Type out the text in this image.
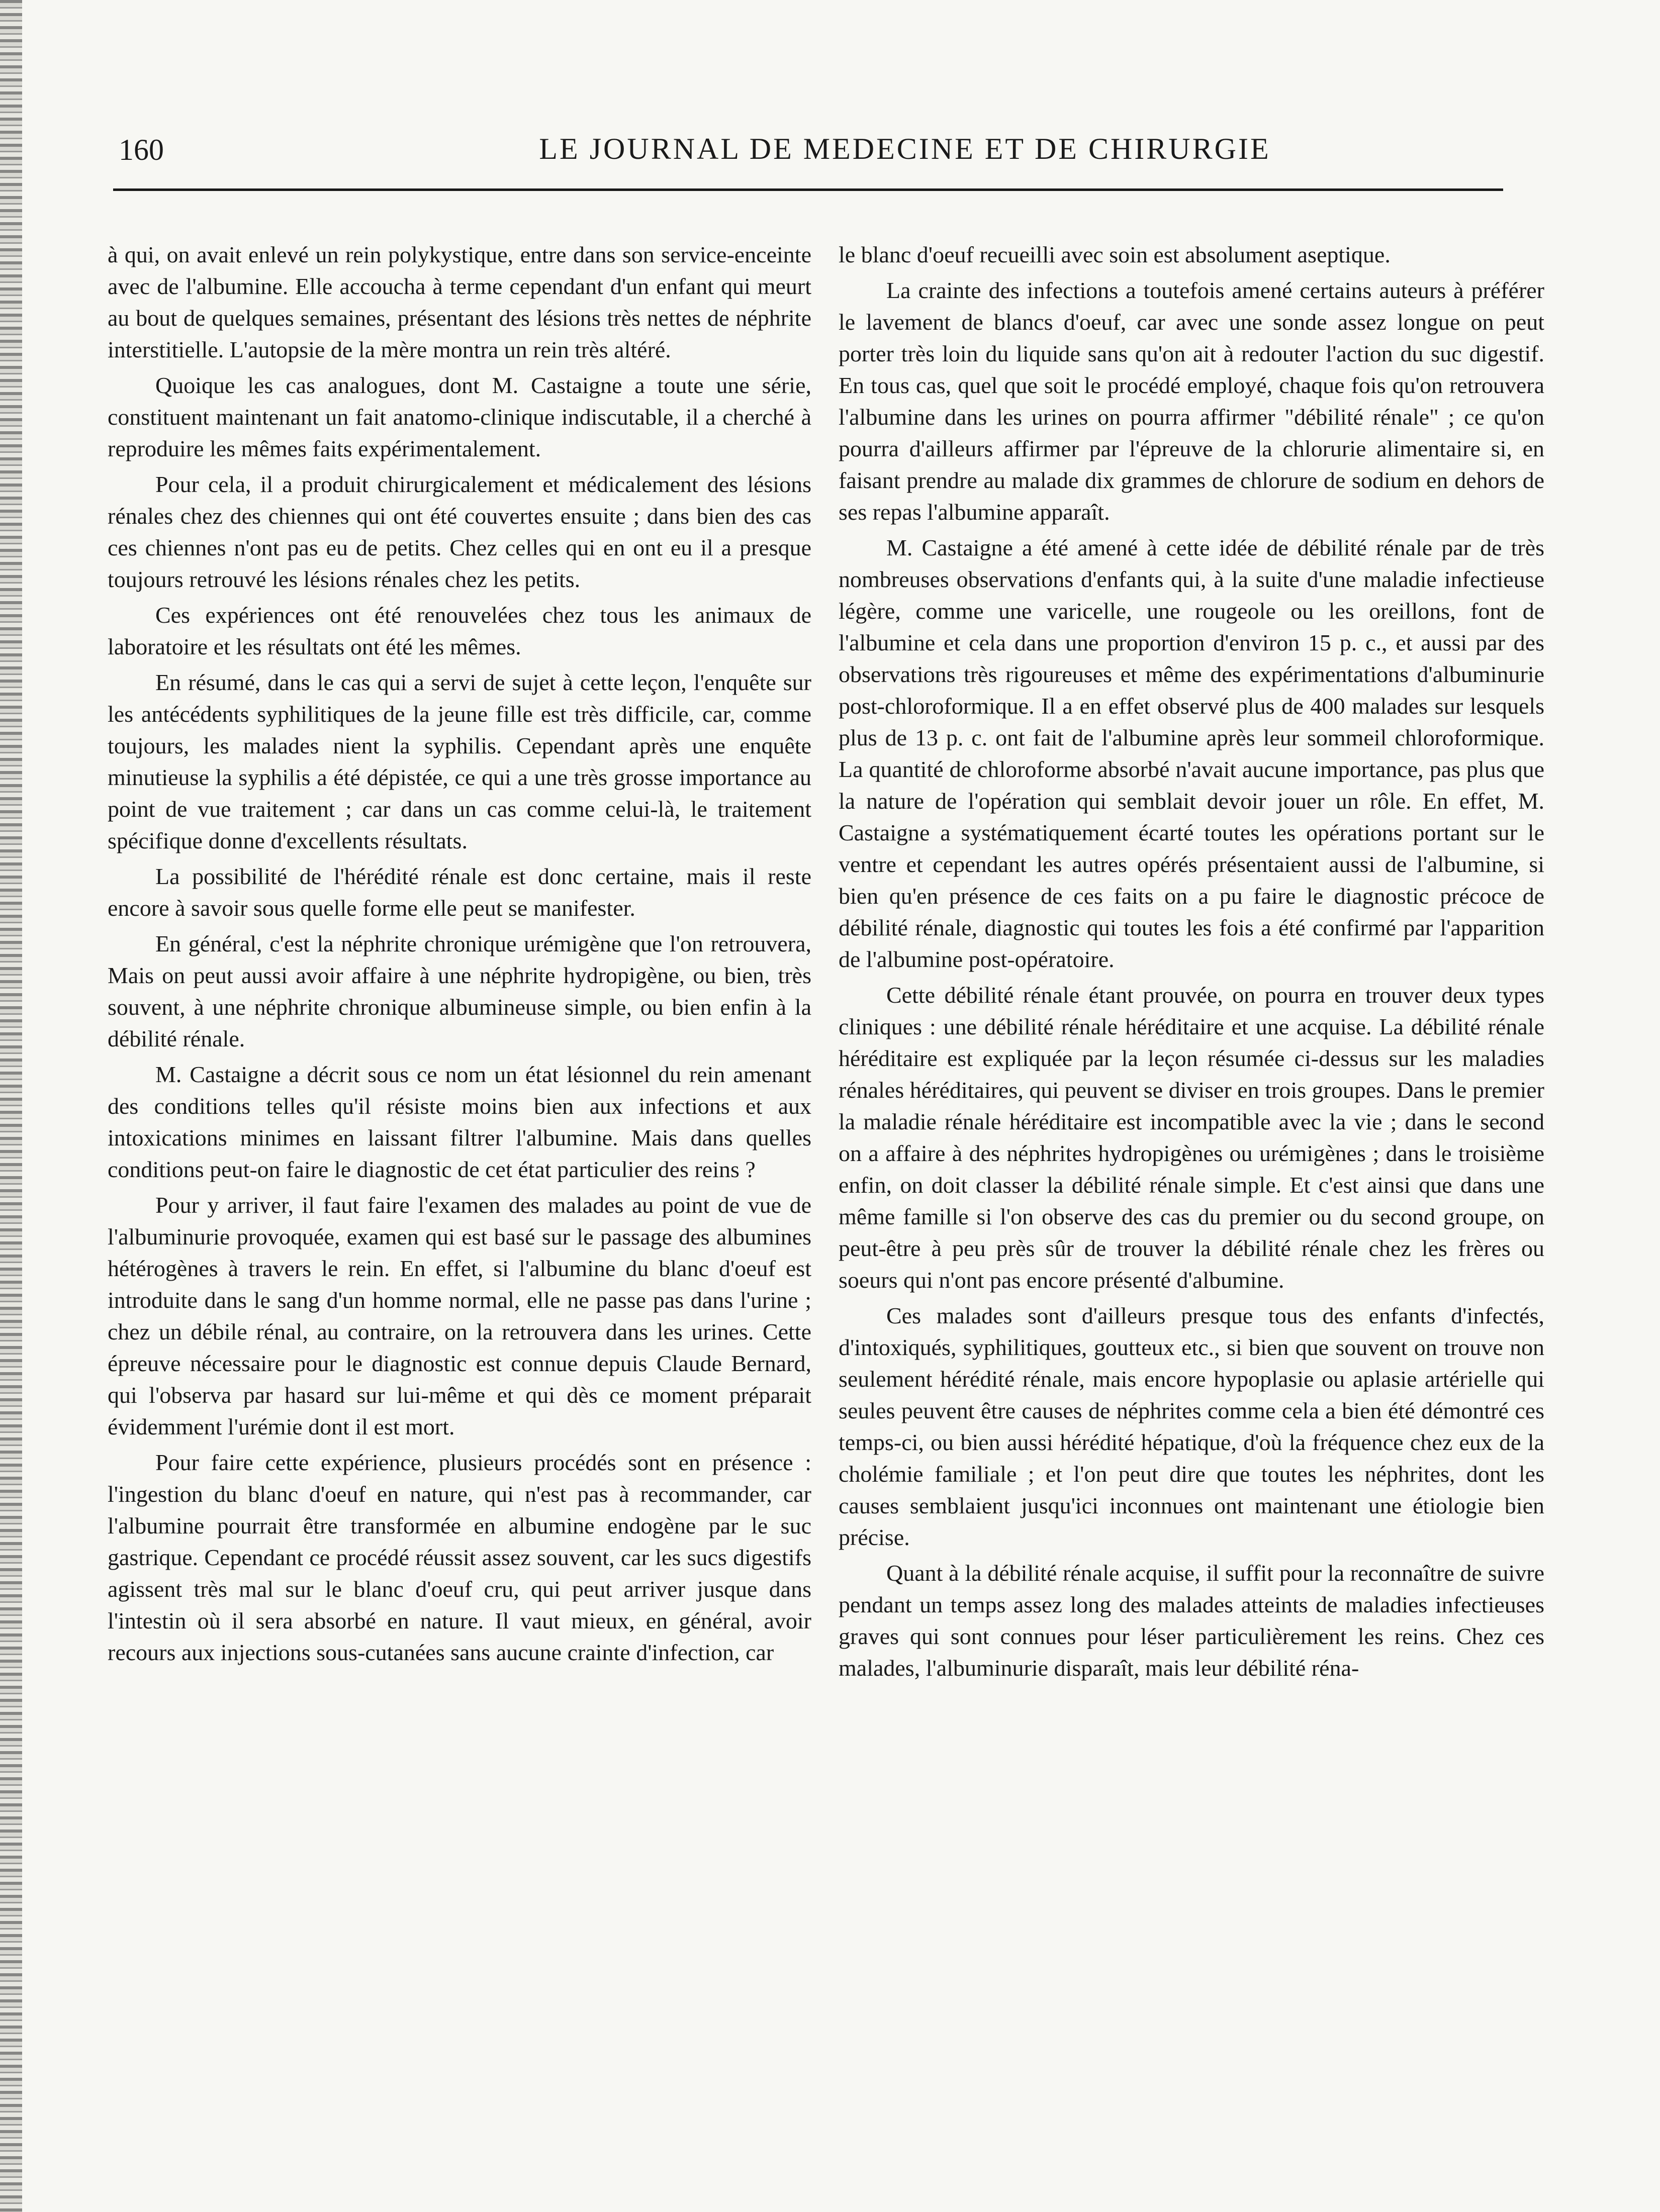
160	LE JOURNAL DE MEDECINE ET DE CHIRURGIE

à qui, on avait enlevé un rein polykystique, entre dans son service-enceinte avec de l'albumine. Elle accoucha à terme cependant d'un enfant qui meurt au bout de quelques semaines, présentant des lésions très nettes de néphrite interstitielle. L'autopsie de la mère montra un rein très altéré.

Quoique les cas analogues, dont M. Castaigne a toute une série, constituent maintenant un fait anatomo-clinique indiscutable, il a cherché à reproduire les mêmes faits expérimentalement.

Pour cela, il a produit chirurgicalement et médicalement des lésions rénales chez des chiennes qui ont été couvertes ensuite ; dans bien des cas ces chiennes n'ont pas eu de petits. Chez celles qui en ont eu il a presque toujours retrouvé les lésions rénales chez les petits.

Ces expériences ont été renouvelées chez tous les animaux de laboratoire et les résultats ont été les mêmes.

En résumé, dans le cas qui a servi de sujet à cette leçon, l'enquête sur les antécédents syphilitiques de la jeune fille est très difficile, car, comme toujours, les malades nient la syphilis. Cependant après une enquête minutieuse la syphilis a été dépistée, ce qui a une très grosse importance au point de vue traitement ; car dans un cas comme celui-là, le traitement spécifique donne d'excellents résultats.

La possibilité de l'hérédité rénale est donc certaine, mais il reste encore à savoir sous quelle forme elle peut se manifester.

En général, c'est la néphrite chronique urémigène que l'on retrouvera, Mais on peut aussi avoir affaire à une néphrite hydropigène, ou bien, très souvent, à une néphrite chronique albumineuse simple, ou bien enfin à la débilité rénale.

M. Castaigne a décrit sous ce nom un état lésionnel du rein amenant des conditions telles qu'il résiste moins bien aux infections et aux intoxications minimes en laissant filtrer l'albumine. Mais dans quelles conditions peut-on faire le diagnostic de cet état particulier des reins ?

Pour y arriver, il faut faire l'examen des malades au point de vue de l'albuminurie provoquée, examen qui est basé sur le passage des albumines hétérogènes à travers le rein. En effet, si l'albumine du blanc d'oeuf est introduite dans le sang d'un homme normal, elle ne passe pas dans l'urine ; chez un débile rénal, au contraire, on la retrouvera dans les urines. Cette épreuve nécessaire pour le diagnostic est connue depuis Claude Bernard, qui l'observa par hasard sur lui-même et qui dès ce moment préparait évidemment l'urémie dont il est mort.

Pour faire cette expérience, plusieurs procédés sont en présence : l'ingestion du blanc d'oeuf en nature, qui n'est pas à recommander, car l'albumine pourrait être transformée en albumine endogène par le suc gastrique. Cependant ce procédé réussit assez souvent, car les sucs digestifs agissent très mal sur le blanc d'oeuf cru, qui peut arriver jusque dans l'intestin où il sera absorbé en nature. Il vaut mieux, en général, avoir recours aux injections sous-cutanées sans aucune crainte d'infection, car

le blanc d'oeuf recueilli avec soin est absolument aseptique.

La crainte des infections a toutefois amené certains auteurs à préférer le lavement de blancs d'oeuf, car avec une sonde assez longue on peut porter très loin du liquide sans qu'on ait à redouter l'action du suc digestif. En tous cas, quel que soit le procédé employé, chaque fois qu'on retrouvera l'albumine dans les urines on pourra affirmer "débilité rénale" ; ce qu'on pourra d'ailleurs affirmer par l'épreuve de la chlorurie alimentaire si, en faisant prendre au malade dix grammes de chlorure de sodium en dehors de ses repas l'albumine apparaît.

M. Castaigne a été amené à cette idée de débilité rénale par de très nombreuses observations d'enfants qui, à la suite d'une maladie infectieuse légère, comme une varicelle, une rougeole ou les oreillons, font de l'albumine et cela dans une proportion d'environ 15 p. c., et aussi par des observations très rigoureuses et même des expérimentations d'albuminurie post-chloroformique. Il a en effet observé plus de 400 malades sur lesquels plus de 13 p. c. ont fait de l'albumine après leur sommeil chloroformique. La quantité de chloroforme absorbé n'avait aucune importance, pas plus que la nature de l'opération qui semblait devoir jouer un rôle. En effet, M. Castaigne a systématiquement écarté toutes les opérations portant sur le ventre et cependant les autres opérés présentaient aussi de l'albumine, si bien qu'en présence de ces faits on a pu faire le diagnostic précoce de débilité rénale, diagnostic qui toutes les fois a été confirmé par l'apparition de l'albumine post-opératoire.

Cette débilité rénale étant prouvée, on pourra en trouver deux types cliniques : une débilité rénale héréditaire et une acquise. La débilité rénale héréditaire est expliquée par la leçon résumée ci-dessus sur les maladies rénales héréditaires, qui peuvent se diviser en trois groupes. Dans le premier la maladie rénale héréditaire est incompatible avec la vie ; dans le second on a affaire à des néphrites hydropigènes ou urémigènes ; dans le troisième enfin, on doit classer la débilité rénale simple. Et c'est ainsi que dans une même famille si l'on observe des cas du premier ou du second groupe, on peut-être à peu près sûr de trouver la débilité rénale chez les frères ou soeurs qui n'ont pas encore présenté d'albumine.

Ces malades sont d'ailleurs presque tous des enfants d'infectés, d'intoxiqués, syphilitiques, goutteux etc., si bien que souvent on trouve non seulement hérédité rénale, mais encore hypoplasie ou aplasie artérielle qui seules peuvent être causes de néphrites comme cela a bien été démontré ces temps-ci, ou bien aussi hérédité hépatique, d'où la fréquence chez eux de la cholémie familiale ; et l'on peut dire que toutes les néphrites, dont les causes semblaient jusqu'ici inconnues ont maintenant une étiologie bien précise.

Quant à la débilité rénale acquise, il suffit pour la reconnaître de suivre pendant un temps assez long des malades atteints de maladies infectieuses graves qui sont connues pour léser particulièrement les reins. Chez ces malades, l'albuminurie disparaît, mais leur débilité réna-
